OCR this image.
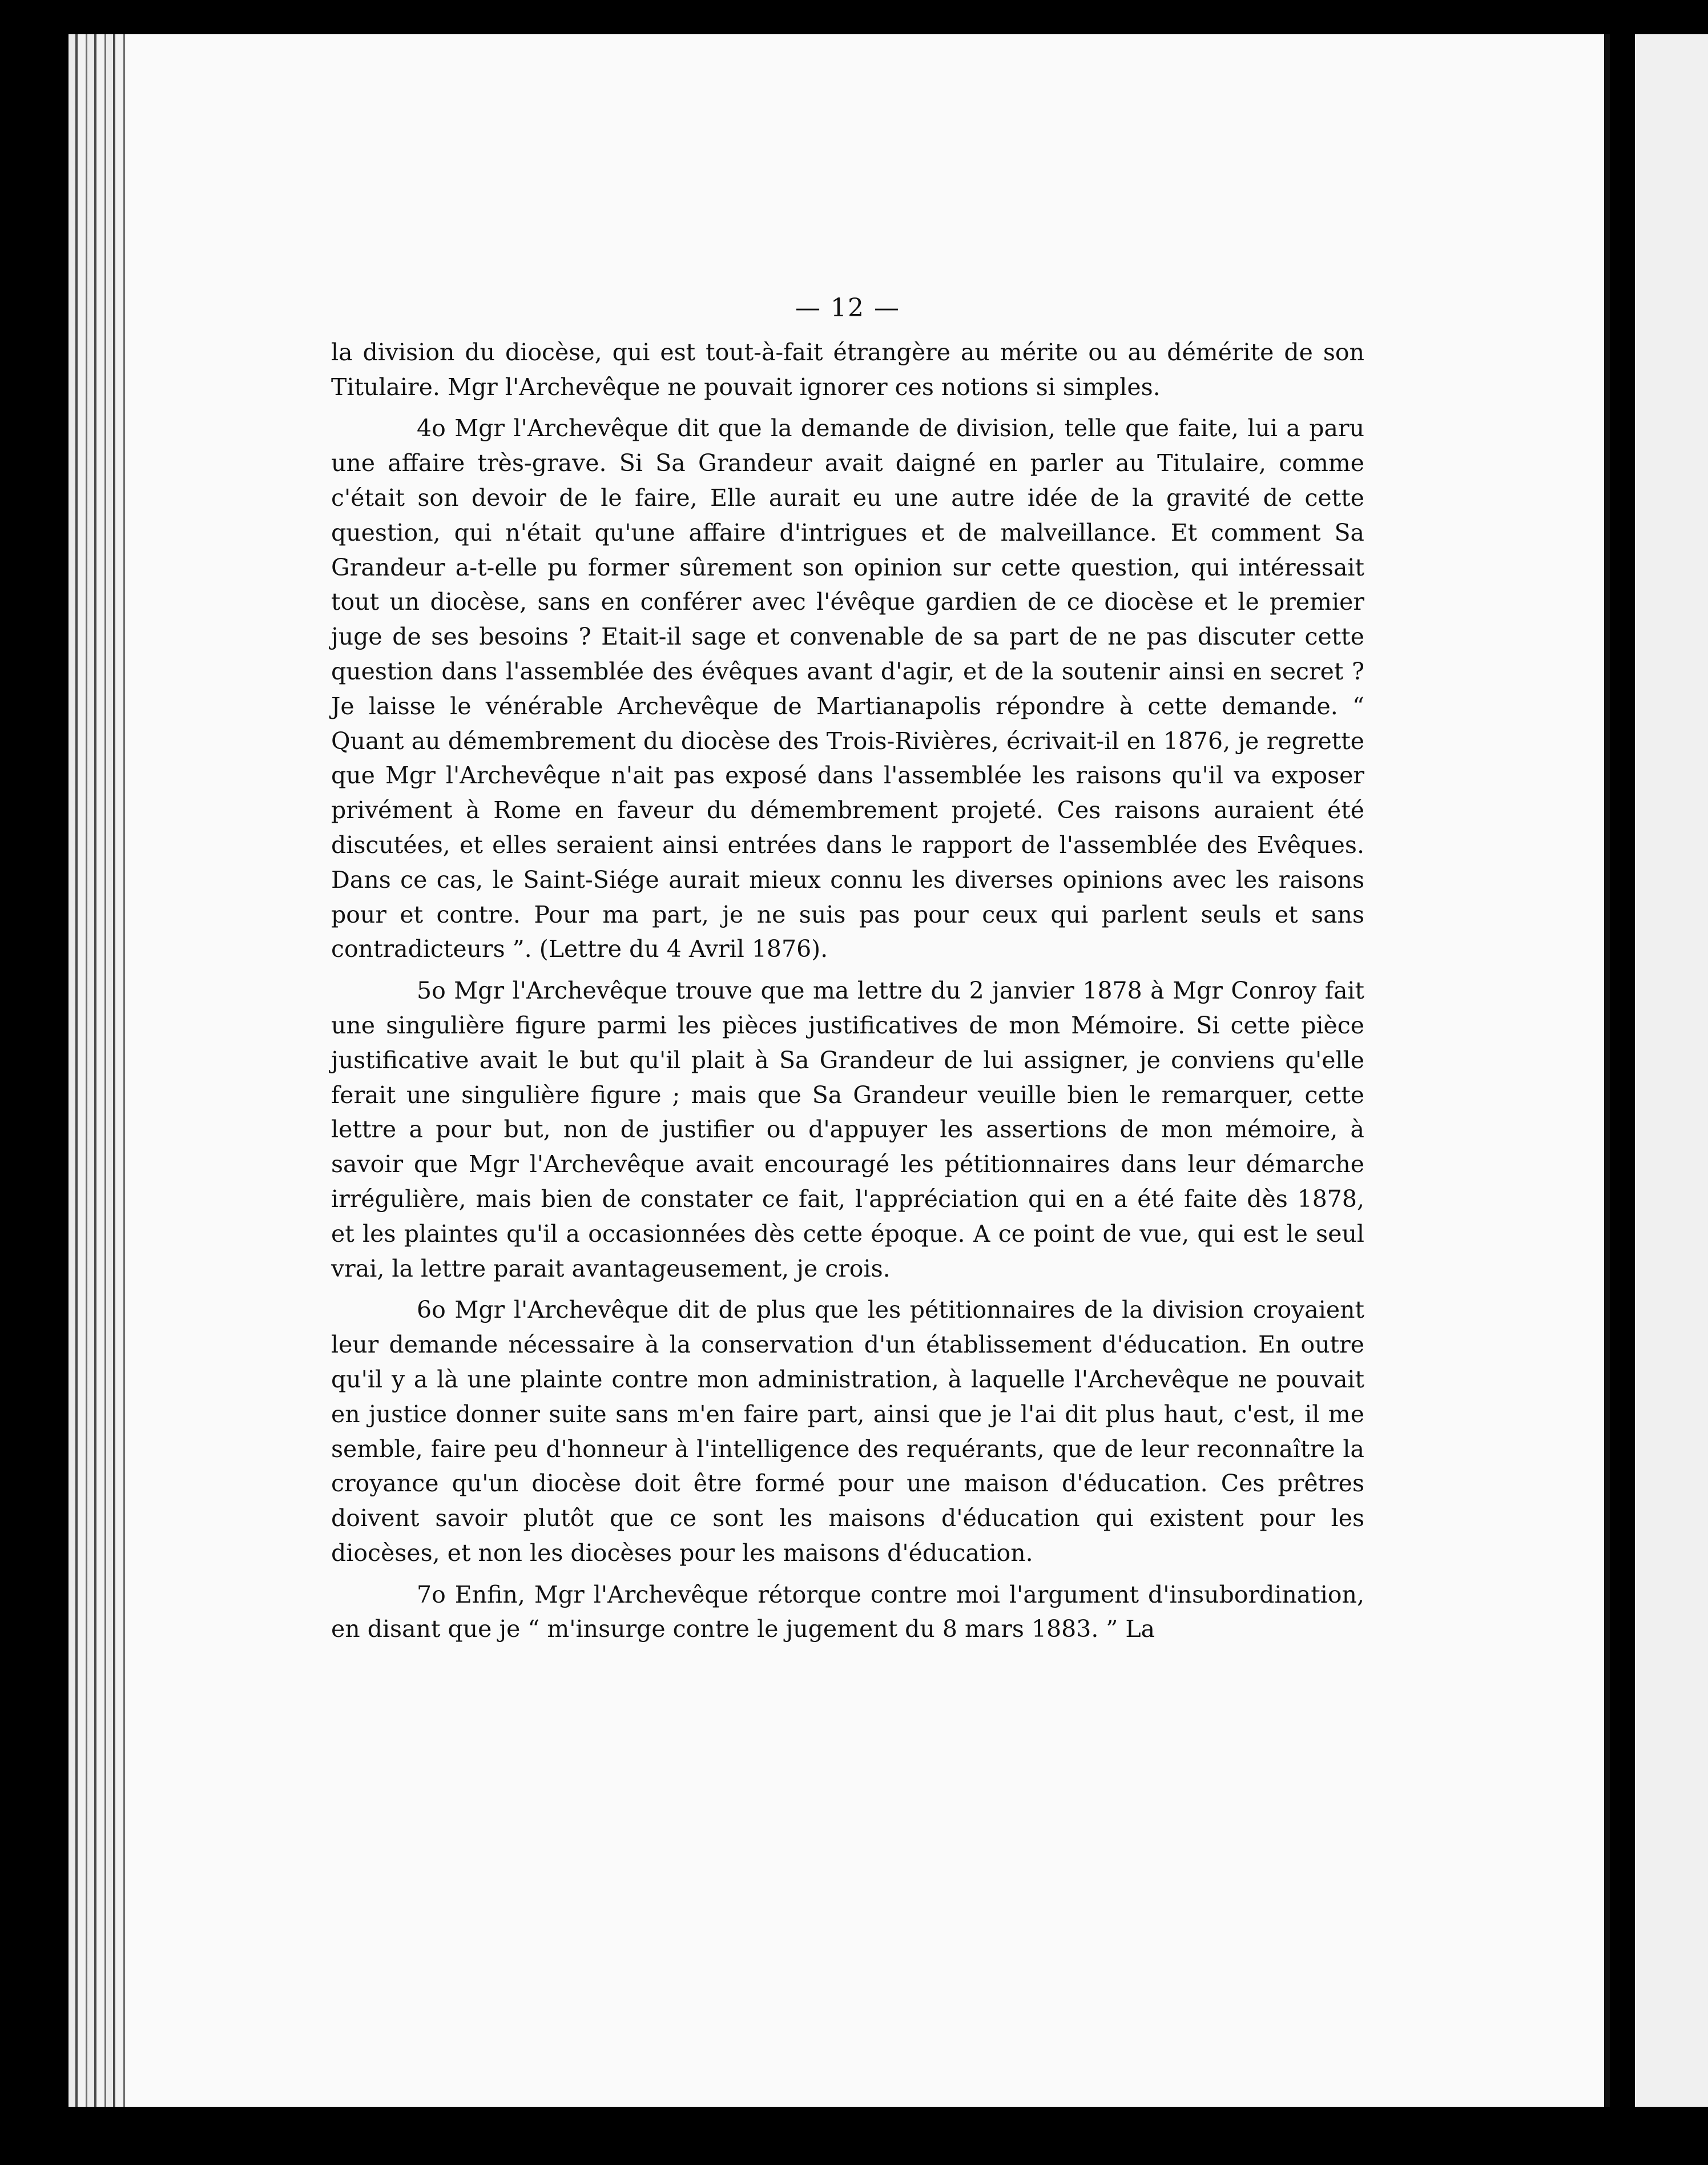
— 12 —

la division du diocèse, qui est tout-à-fait étrangère au mérite ou au démérite de son Titulaire. Mgr l'Archevêque ne pouvait ignorer ces notions si simples.

4o Mgr l'Archevêque dit que la demande de division, telle que faite, lui a paru une affaire très-grave. Si Sa Grandeur avait daigné en parler au Titulaire, comme c'était son devoir de le faire, Elle aurait eu une autre idée de la gravité de cette question, qui n'était qu'une affaire d'intrigues et de malveillance. Et comment Sa Grandeur a-t-elle pu former sûrement son opinion sur cette question, qui intéressait tout un diocèse, sans en conférer avec l'évêque gardien de ce diocèse et le premier juge de ses besoins ? Etait-il sage et convenable de sa part de ne pas discuter cette question dans l'assemblée des évêques avant d'agir, et de la soutenir ainsi en secret ? Je laisse le vénérable Archevêque de Martianapolis répondre à cette demande. “ Quant au démembrement du diocèse des Trois-Rivières, écrivait-il en 1876, je regrette que Mgr l'Archevêque n'ait pas exposé dans l'assemblée les raisons qu'il va exposer privément à Rome en faveur du démembrement projeté. Ces raisons auraient été discutées, et elles seraient ainsi entrées dans le rapport de l'assemblée des Evêques. Dans ce cas, le Saint-Siége aurait mieux connu les diverses opinions avec les raisons pour et contre. Pour ma part, je ne suis pas pour ceux qui parlent seuls et sans contradicteurs ”. (Lettre du 4 Avril 1876).

5o Mgr l'Archevêque trouve que ma lettre du 2 janvier 1878 à Mgr Conroy fait une singulière figure parmi les pièces justificatives de mon Mémoire. Si cette pièce justificative avait le but qu'il plait à Sa Grandeur de lui assigner, je conviens qu'elle ferait une singulière figure ; mais que Sa Grandeur veuille bien le remarquer, cette lettre a pour but, non de justifier ou d'appuyer les assertions de mon mémoire, à savoir que Mgr l'Archevêque avait encouragé les pétitionnaires dans leur démarche irrégulière, mais bien de constater ce fait, l'appréciation qui en a été faite dès 1878, et les plaintes qu'il a occasionnées dès cette époque. A ce point de vue, qui est le seul vrai, la lettre parait avantageusement, je crois.

6o Mgr l'Archevêque dit de plus que les pétitionnaires de la division croyaient leur demande nécessaire à la conservation d'un établissement d'éducation. En outre qu'il y a là une plainte contre mon administration, à laquelle l'Archevêque ne pouvait en justice donner suite sans m'en faire part, ainsi que je l'ai dit plus haut, c'est, il me semble, faire peu d'honneur à l'intelligence des requérants, que de leur reconnaître la croyance qu'un diocèse doit être formé pour une maison d'éducation. Ces prêtres doivent savoir plutôt que ce sont les maisons d'éducation qui existent pour les diocèses, et non les diocèses pour les maisons d'éducation.

7o Enfin, Mgr l'Archevêque rétorque contre moi l'argument d'insubordination, en disant que je “ m'insurge contre le jugement du 8 mars 1883. ” La
